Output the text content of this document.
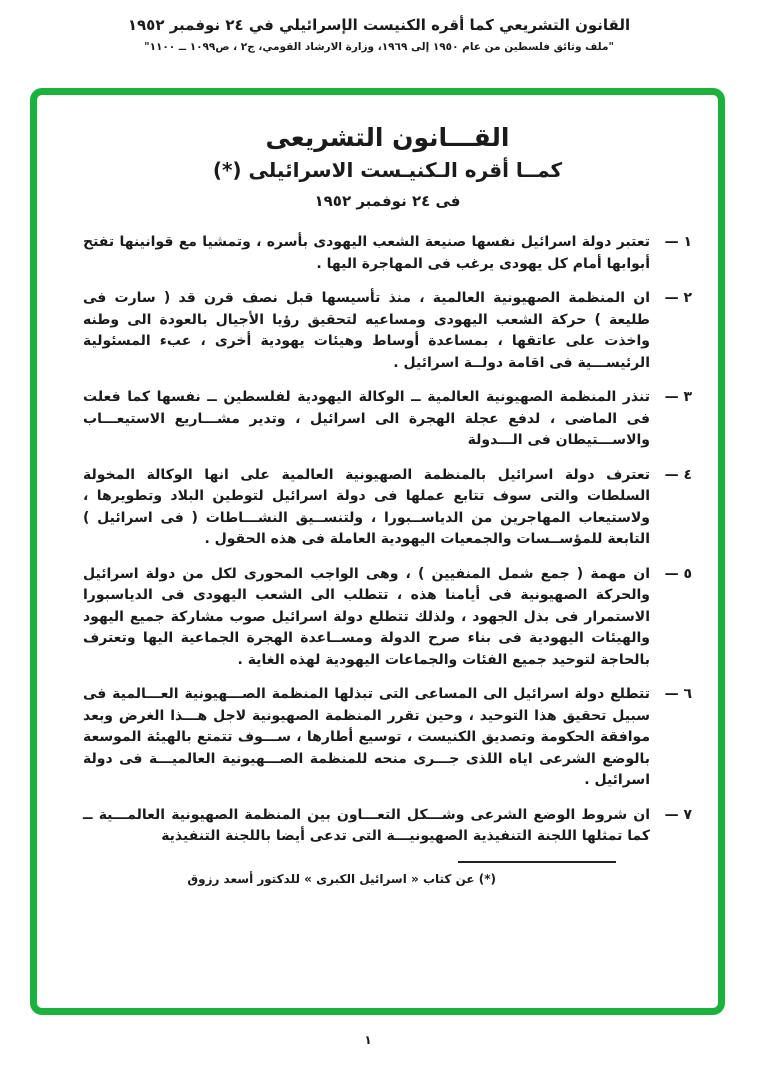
القانون التشريعي كما أقره الكنيست الإسرائيلي في ٢٤ نوفمبر ١٩٥٢
"ملف وثائق فلسطين من عام ١٩٥٠ إلى ١٩٦٩، وزارة الارشاد القومي، ج٢ ، ص١٠٩٩ ــ ١١٠٠"
القـــانون التشريعى
كمــا أقره الـكنيـست الاسرائيلى (*)
فى ٢٤ نوفمبر ١٩٥٢
١ —
تعتبر دولة اسرائيل نفسها صنيعة الشعب اليهودى بأسره ، وتمشيا مع قوانينها تفتح أبوابها أمام كل يهودى يرغب فى المهاجرة اليها .
٢ —
ان المنظمة الصهيونية العالمية ، منذ تأسيسها قبل نصف قرن قد ( سارت فى طليعة ) حركة الشعب اليهودى ومساعيه لتحقيق رؤيا الأجيال بالعودة الى وطنه واخذت على عاتقها ، بمساعدة أوساط وهيئات يهودية أخرى ، عبء المسئولية الرئيســـية فى اقامة دولــة اسرائيل .
٣ —
تنذر المنظمة الصهيونية العالمية ــ الوكالة اليهودية لفلسطين ــ نفسها كما فعلت فى الماضى ، لدفع عجلة الهجرة الى اسرائيل ، وتدير مشـــاريع الاستيعـــاب والاســـتيطان فى الـــدولة
٤ —
تعترف دولة اسرائيل بالمنظمة الصهيونية العالمية على انها الوكالة المخولة السلطات والتى سوف تتابع عملها فى دولة اسرائيل لتوطين البلاد وتطويرها ، ولاستيعاب المهاجرين من الدياســبورا ، ولتنســيق النشـــاطات ( فى اسرائيل ) التابعة للمؤســسات والجمعيات اليهودية العاملة فى هذه الحقول .
٥ —
ان مهمة ( جمع شمل المنفيين ) ، وهى الواجب المحورى لكل من دولة اسرائيل والحركة الصهيونية فى أيامنا هذه ، تتطلب الى الشعب اليهودى فى الدياسبورا الاستمرار فى بذل الجهود ، ولذلك تتطلع دولة اسرائيل صوب مشاركة جميع اليهود والهيئات اليهودية فى بناء صرح الدولة ومســاعدة الهجرة الجماعية اليها وتعترف بالحاجة لتوحيد جميع الفئات والجماعات اليهودية لهذه الغاية .
٦ —
تتطلع دولة اسرائيل الى المساعى التى تبذلها المنظمة الصـــهيونية العـــالمية فى سبيل تحقيق هذا التوحيد ، وحين تقرر المنظمة الصهيونية لاجل هـــذا الغرض وبعد موافقة الحكومة وتصديق الكنيست ، توسيع أطارها ، ســـوف تتمتع بالهيئة الموسعة بالوضع الشرعى اياه اللذى جـــرى منحه للمنظمة الصـــهيونية العالميـــة فى دولة اسرائيل .
٧ —
ان شروط الوضع الشرعى وشـــكل التعـــاون بين المنظمة الصهيونية العالمـــية ــ كما تمثلها اللجنة التنفيذية الصهيونيـــة التى تدعى أيضا باللجنة التنفيذية
(*) عن كتاب « اسرائيل الكبرى » للدكتور أسعد رزوق
١
